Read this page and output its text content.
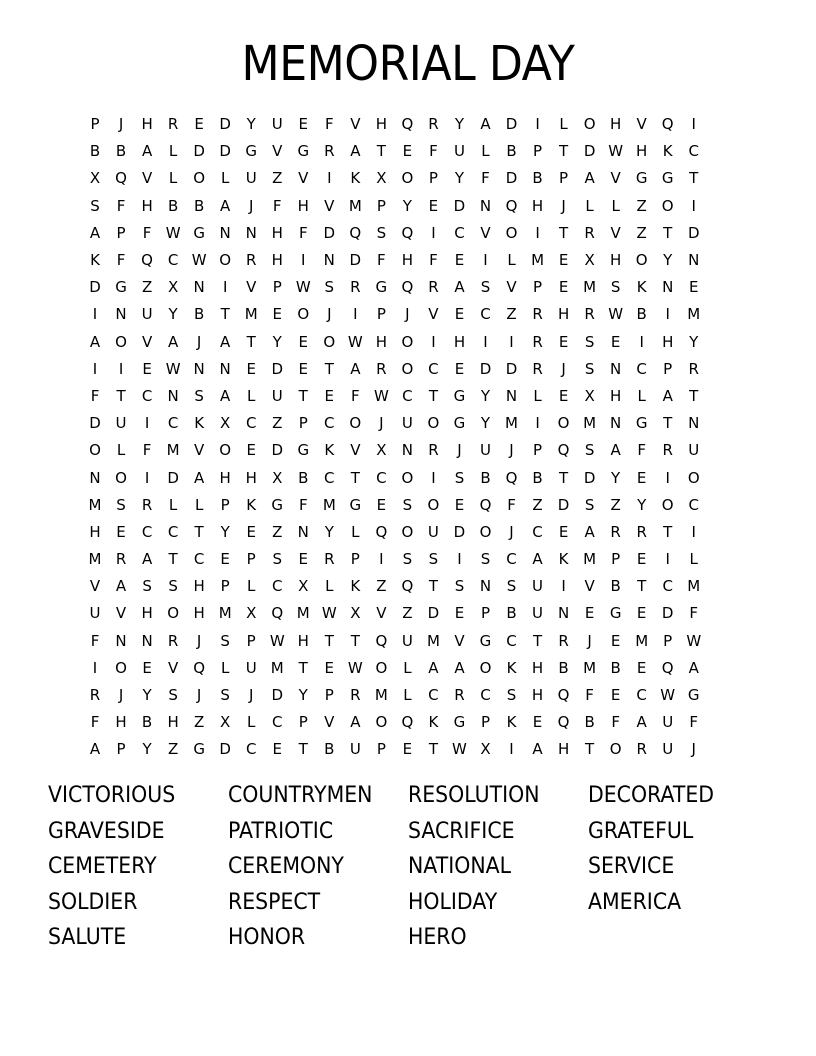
MEMORIAL DAY
P	J	H	R	E	D	Y	U	E	F	V	H Q R	Y	A	D	I	L	O H	V	Q	I
B	B	A	L	D D G	V	G	R	A	T	E	F	U	L	B	P	T	D W H	K	C
X Q V	L	O	L	U	Z	V	I	K	X O	P	Y	F	D	B	P	A	V	G G	T
S	F	H	B	B	A	J	F	H	V M	P	Y	E	D N Q H	J	L	L	Z O	I
A	P	F W G N N H	F	D Q	S	Q	I	C	V	O	I	T	R	V	Z	T	D
K	F	Q C W O R	H	I	N D	F	H	F	E	I	L	M E	X	H O	Y	N
D G	Z	X	N	I	V	P W S	R	G Q R	A	S	V	P	E M S	K	N	E
I	N U	Y	B	T M E	O	J	I	P	J	V	E	C	Z	R	H	R W B	I	M
A	O V	A	J	A	T	Y	E	O W H O	I	H	I	I	R	E	S	E	I	H	Y
I	I	E W N N	E	D	E	T	A	R O C	E	D D	R	J	S	N	C	P	R
F	T	C	N	S	A	L	U	T	E	F W C	T	G	Y	N	L	E	X	H	L	A	T
D U	I	C	K	X	C	Z	P	C O	J	U O G	Y M	I	O M N G	T	N
O	L	F	M V	O	E	D G	K	V	X	N	R	J	U	J	P	Q	S	A	F	R	U
N O	I	D	A	H H	X	B	C	T	C O	I	S	B Q B	T	D	Y	E	I	O
M S	R	L	L	P	K	G	F	M G	E	S	O	E	Q	F	Z	D	S	Z	Y	O C
H	E	C	C	T	Y	E	Z	N	Y	L	Q O U D O	J	C	E	A	R	R	T	I
M R	A	T	C	E	P	S	E	R	P	I	S	S	I	S	C	A	K M	P	E	I	L
V	A	S	S	H	P	L	C	X	L	K	Z Q	T	S	N	S	U	I	V	B	T	C M
U	V	H O H M X Q M W X	V	Z	D	E	P	B	U N	E	G	E	D	F
F	N N	R	J	S	P W H	T	T	Q U M V	G C	T	R	J	E M	P W
I	O	E	V	Q	L	U M T	E W O	L	A	A	O	K	H	B M B	E	Q A
R	J	Y	S	J	S	J	D	Y	P	R M	L	C	R	C	S	H Q	F	E	C W G
F	H	B	H	Z	X	L	C	P	V	A	O Q	K	G	P	K	E	Q B	F	A	U	F
A	P	Y	Z	G D	C	E	T	B	U	P	E	T W X	I	A	H	T	O R	U	J
VICTORIOUS	COUNTRYMEN	RESOLUTION	DECORATED
GRAVESIDE	PATRIOTIC	SACRIFICE	GRATEFUL
CEMETERY	CEREMONY	NATIONAL	SERVICE
SOLDIER	RESPECT	HOLIDAY	AMERICA
SALUTE	HONOR	HERO
